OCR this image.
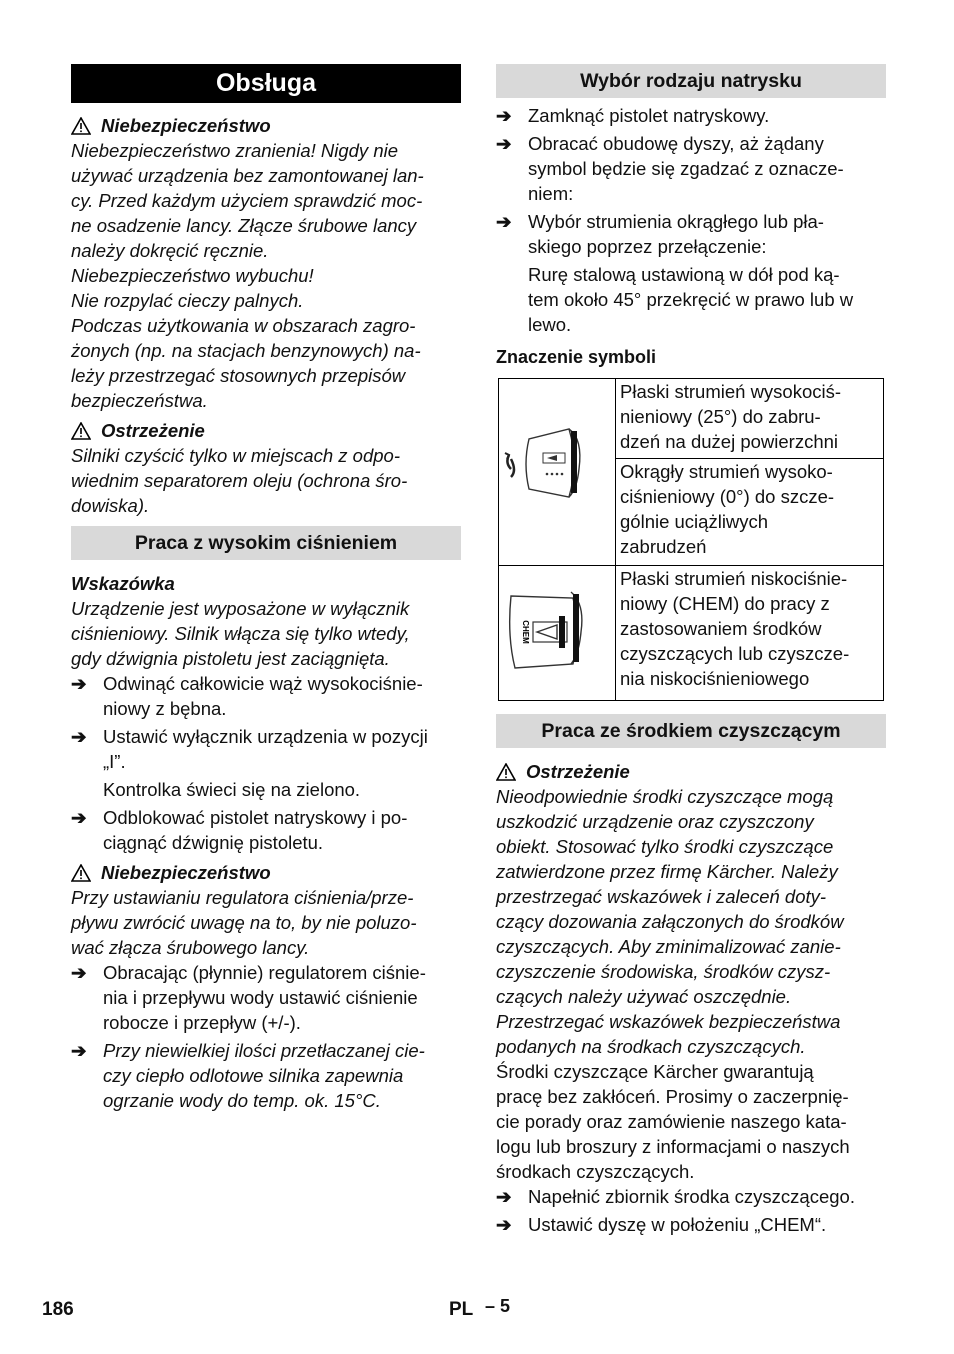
Obsługa
Niebezpieczeństwo

Niebezpieczeństwo zranienia! Nigdy nie

używać urządzenia bez zamontowanej lan-

cy. Przed każdym użyciem sprawdzić moc-

ne osadzenie lancy. Złącze śrubowe lancy

należy dokręcić ręcznie.

Niebezpieczeństwo wybuchu!

Nie rozpylać cieczy palnych.

Podczas użytkowania w obszarach zagro-

żonych (np. na stacjach benzynowych) na-

leży przestrzegać stosownych przepisów

bezpieczeństwa.

Ostrzeżenie

Silniki czyścić tylko w miejscach z odpo-

wiednim separatorem oleju (ochrona śro-

dowiska).

Praca z wysokim ciśnieniem
Wskazówka

Urządzenie jest wyposażone w wyłącznik

ciśnieniowy. Silnik włącza się tylko wtedy,

gdy dźwignia pistoletu jest zaciągnięta.

➔ Odwinąć całkowicie wąż wysokociśnie-

niowy z bębna.

➔ Ustawić wyłącznik urządzenia w pozycji

„I”.

Kontrolka świeci się na zielono.

➔ Odblokować pistolet natryskowy i po-

ciągnąć dźwignię pistoletu.

Niebezpieczeństwo

Przy ustawianiu regulatora ciśnienia/prze-

pływu zwrócić uwagę na to, by nie poluzo-

wać złącza śrubowego lancy.

➔ Obracając (płynnie) regulatorem ciśnie-

nia i przepływu wody ustawić ciśnienie

robocze i przepływ (+/-).

➔ Przy niewielkiej ilości przetłaczanej cie-

czy ciepło odlotowe silnika zapewnia

ogrzanie wody do temp. ok. 15°C.

Wybór rodzaju natrysku
➔ Zamknąć pistolet natryskowy.

➔ Obracać obudowę dyszy, aż żądany

symbol będzie się zgadzać z oznacze-

niem:

➔ Wybór strumienia okrągłego lub pła-

skiego poprzez przełączenie:

Rurę stalową ustawioną w dół pod ką-

tem około 45° przekręcić w prawo lub w

lewo.

Znaczenie symboli

Płaski strumień wysokociś-

nieniowy (25°) do zabru-

dzeń na dużej powierzchni

	Okrągły strumień wysoko-

ciśnieniowy (0°) do szcze-

gólnie uciążliwych

zabrudzeń

CHEM	Płaski strumień niskociśnie-

niowy (CHEM) do pracy z

zastosowaniem środków

czyszczących lub czyszcze-

nia niskociśnieniowego

Praca ze środkiem czyszczącym
Ostrzeżenie

Nieodpowiednie środki czyszczące mogą

uszkodzić urządzenie oraz czyszczony

obiekt. Stosować tylko środki czyszczące

zatwierdzone przez firmę Kärcher. Należy

przestrzegać wskazówek i zaleceń doty-

czący dozowania załączonych do środków

czyszczących. Aby zminimalizować zanie-

czyszczenie środowiska, środków czysz-

czących należy używać oszczędnie.

Przestrzegać wskazówek bezpieczeństwa

podanych na środkach czyszczących.

Środki czyszczące Kärcher gwarantują

pracę bez zakłóceń. Prosimy o zaczerpnię-

cie porady oraz zamówienie naszego kata-

logu lub broszury z informacjami o naszych

środkach czyszczących.

➔ Napełnić zbiornik środka czyszczącego.

➔ Ustawić dyszę w położeniu „CHEM“.

186	PL – 5
